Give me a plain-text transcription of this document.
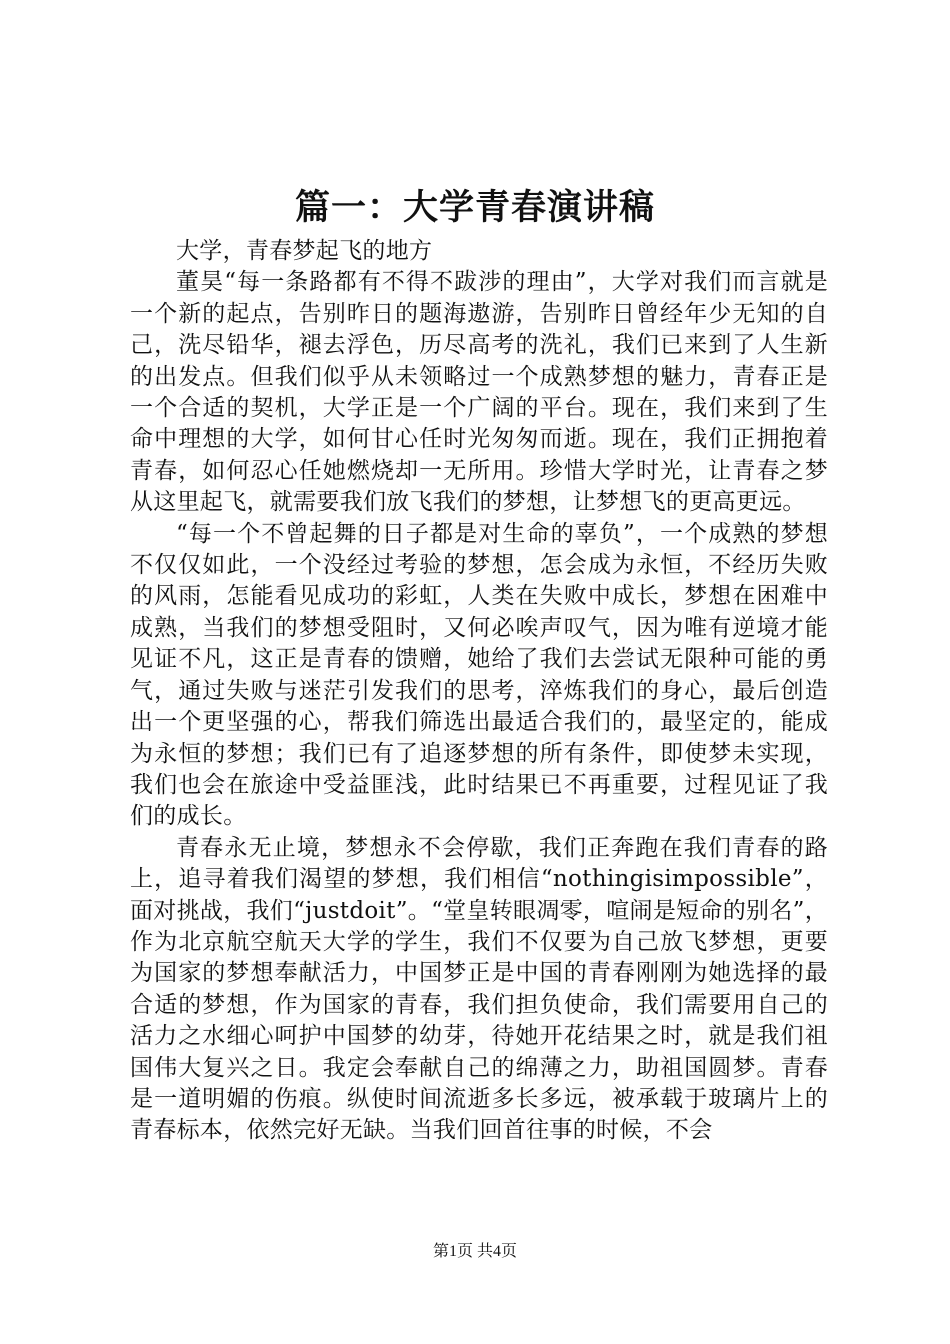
篇一：大学青春演讲稿

大学，青春梦起飞的地方

董昊“每一条路都有不得不跋涉的理由”，大学对我们而言就是一个新的起点，告别昨日的题海遨游，告别昨日曾经年少无知的自己，洗尽铅华，褪去浮色，历尽高考的洗礼，我们已来到了人生新的出发点。但我们似乎从未领略过一个成熟梦想的魅力，青春正是一个合适的契机，大学正是一个广阔的平台。现在，我们来到了生命中理想的大学，如何甘心任时光匆匆而逝。现在，我们正拥抱着青春，如何忍心任她燃烧却一无所用。珍惜大学时光，让青春之梦从这里起飞，就需要我们放飞我们的梦想，让梦想飞的更高更远。

“每一个不曾起舞的日子都是对生命的辜负”，一个成熟的梦想不仅仅如此，一个没经过考验的梦想，怎会成为永恒，不经历失败的风雨，怎能看见成功的彩虹，人类在失败中成长，梦想在困难中成熟，当我们的梦想受阻时，又何必唉声叹气，因为唯有逆境才能见证不凡，这正是青春的馈赠，她给了我们去尝试无限种可能的勇气，通过失败与迷茫引发我们的思考，淬炼我们的身心，最后创造出一个更坚强的心，帮我们筛选出最适合我们的，最坚定的，能成为永恒的梦想；我们已有了追逐梦想的所有条件，即使梦未实现，我们也会在旅途中受益匪浅，此时结果已不再重要，过程见证了我们的成长。

青春永无止境，梦想永不会停歇，我们正奔跑在我们青春的路上，追寻着我们渴望的梦想，我们相信“nothingisimpossible”，面对挑战，我们“justdoit”。“堂皇转眼凋零，喧闹是短命的别名”，作为北京航空航天大学的学生，我们不仅要为自己放飞梦想，更要为国家的梦想奉献活力，中国梦正是中国的青春刚刚为她选择的最合适的梦想，作为国家的青春，我们担负使命，我们需要用自己的活力之水细心呵护中国梦的幼芽，待她开花结果之时，就是我们祖国伟大复兴之日。我定会奉献自己的绵薄之力，助祖国圆梦。青春是一道明媚的伤痕。纵使时间流逝多长多远，被承载于玻璃片上的青春标本，依然完好无缺。当我们回首往事的时候，不会

第1页 共4页
